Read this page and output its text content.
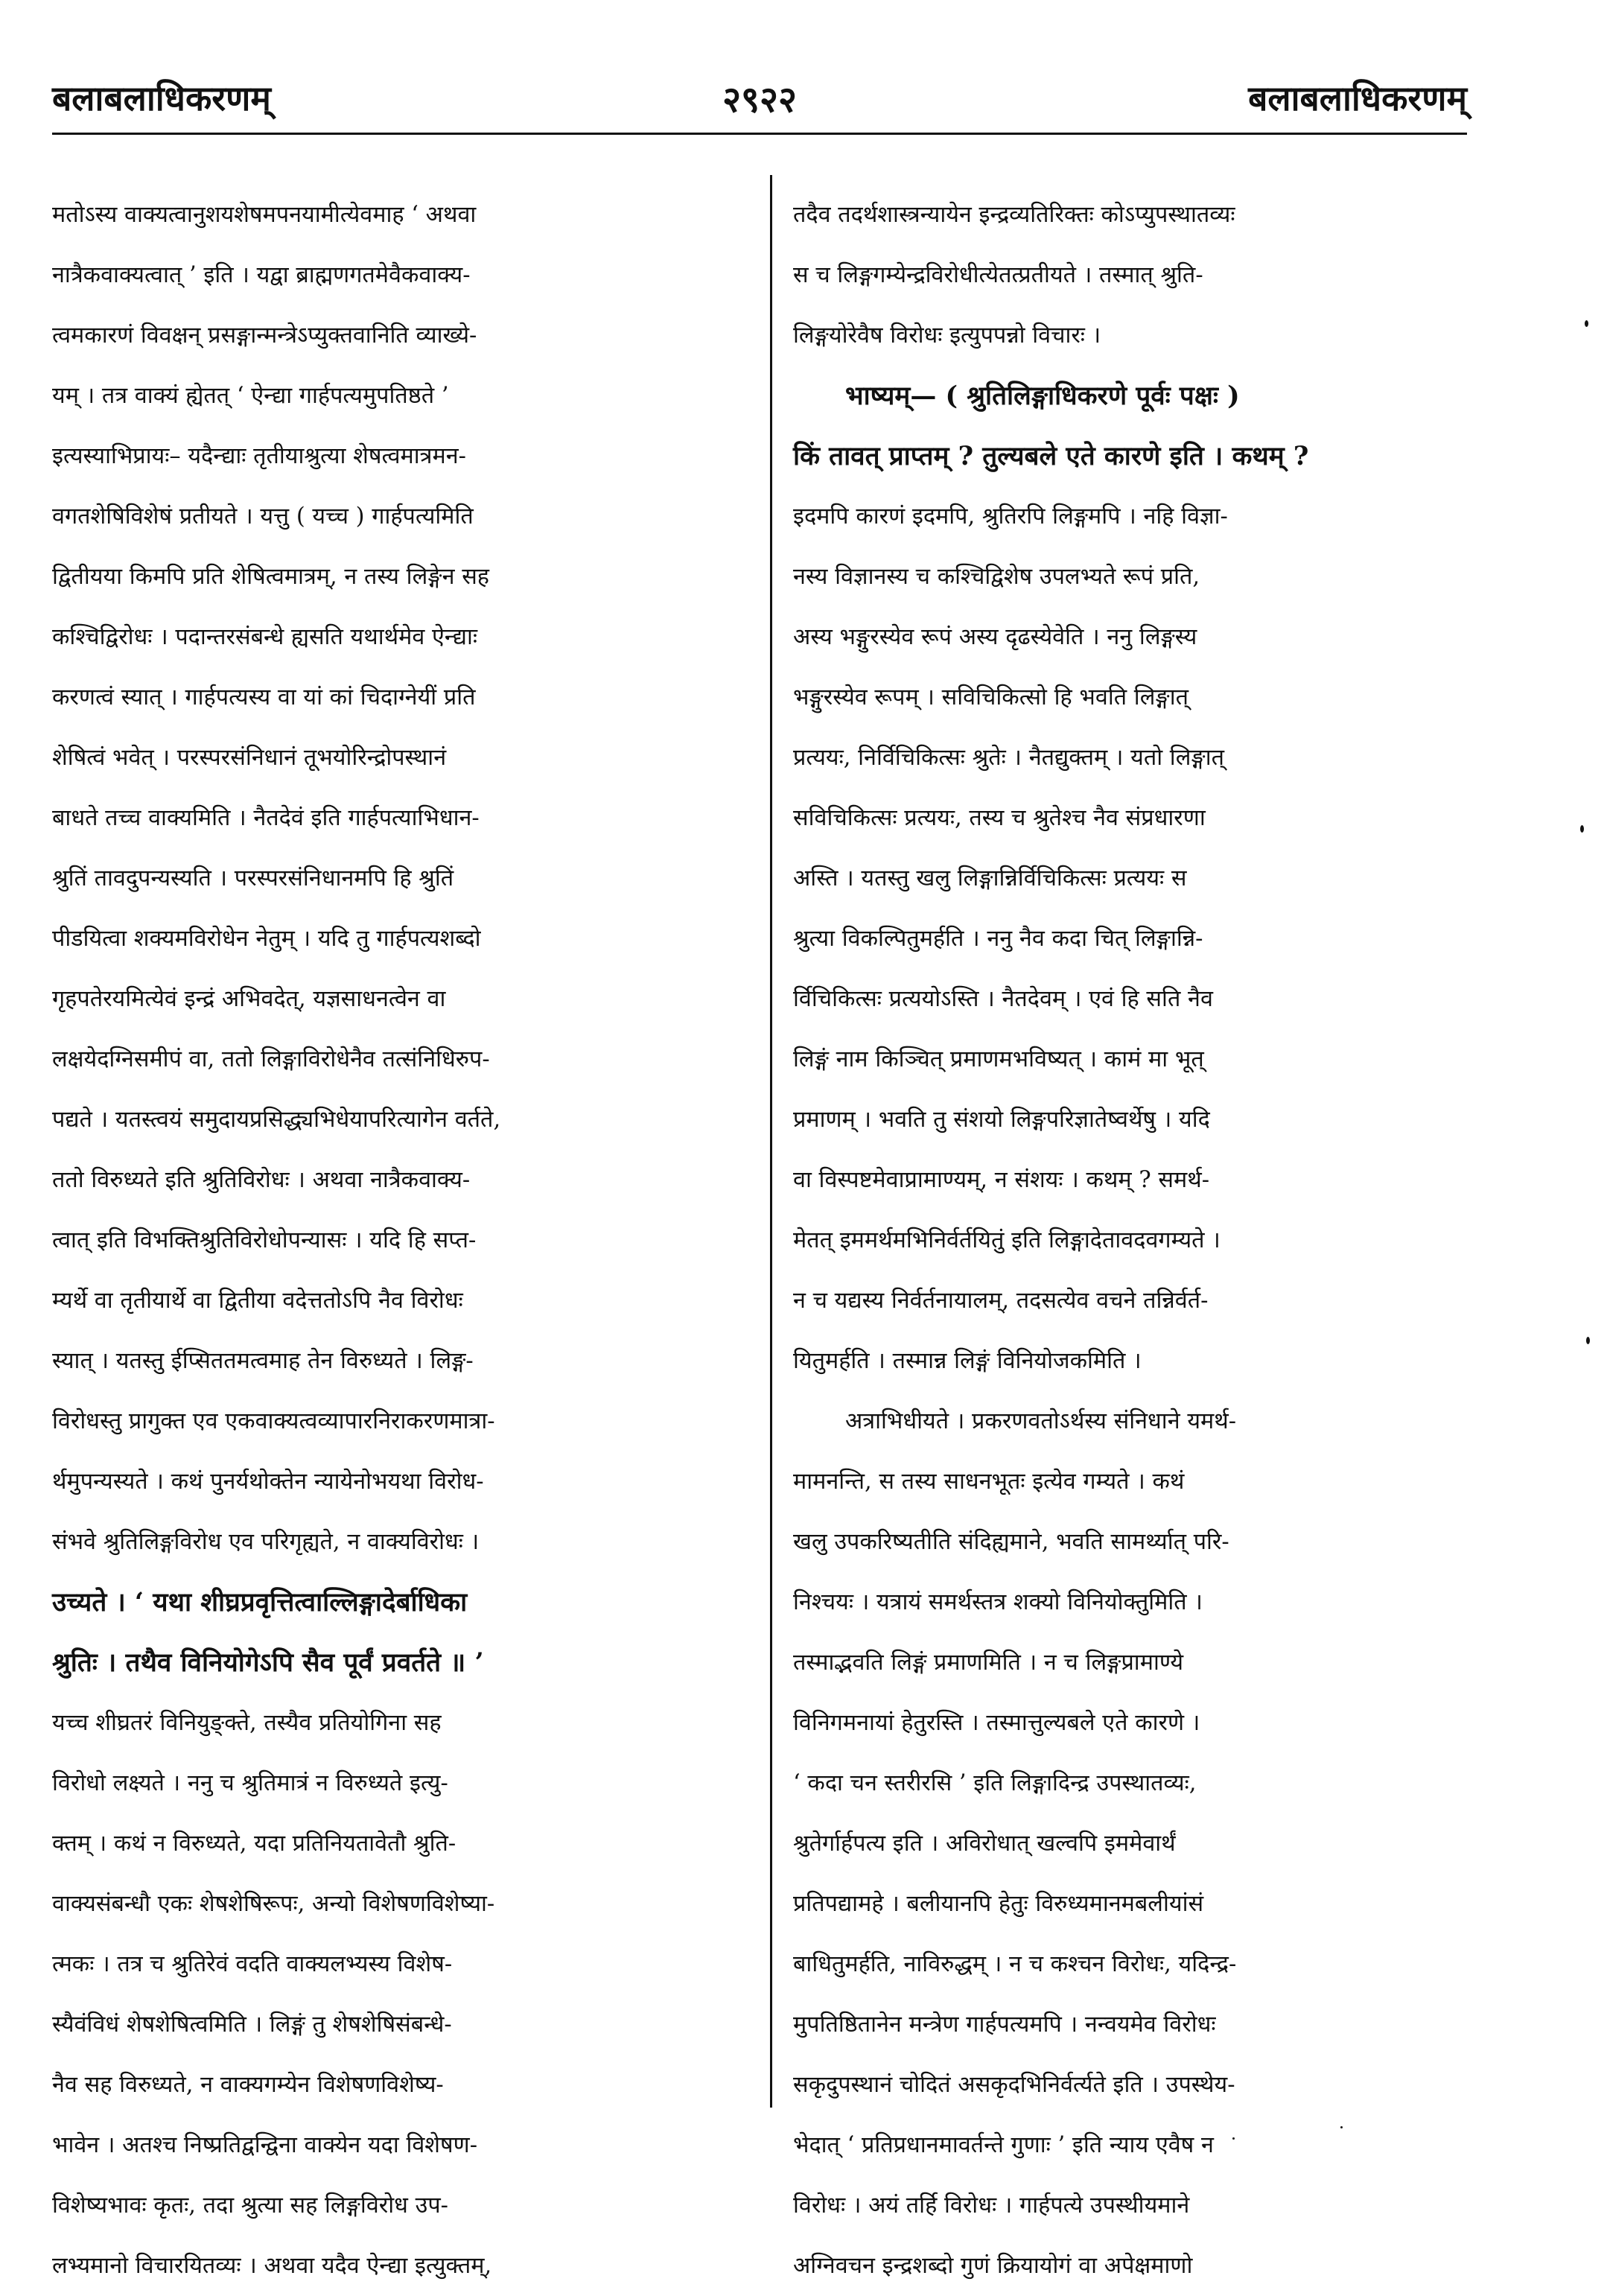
बलाबलाधिकरणम्	२९२२	बलाबलाधिकरणम्
मतोऽस्य वाक्यत्वानुशयशेषमपनयामीत्येवमाह ‘ अथवा
नात्रैकवाक्यत्वात् ’ इति । यद्वा ब्राह्मणगतमेवैकवाक्य-
त्वमकारणं विवक्षन् प्रसङ्गान्मन्त्रेऽप्युक्तवानिति व्याख्ये-
यम् । तत्र वाक्यं ह्येतत् ‘ ऐन्द्या गार्हपत्यमुपतिष्ठते ’
इत्यस्याभिप्रायः– यदैन्द्याः तृतीयाश्रुत्या शेषत्वमात्रमन-
वगतशेषिविशेषं प्रतीयते । यत्तु ( यच्च ) गार्हपत्यमिति
द्वितीयया किमपि प्रति शेषित्वमात्रम्, न तस्य लिङ्गेन सह
कश्चिद्विरोधः । पदान्तरसंबन्धे ह्यसति यथार्थमेव ऐन्द्याः
करणत्वं स्यात् । गार्हपत्यस्य वा यां कां चिदाग्नेयीं प्रति
शेषित्वं भवेत् । परस्परसंनिधानं तूभयोरिन्द्रोपस्थानं
बाधते तच्च वाक्यमिति । नैतदेवं इति गार्हपत्याभिधान-
श्रुतिं तावदुपन्यस्यति । परस्परसंनिधानमपि हि श्रुतिं
पीडयित्वा शक्यमविरोधेन नेतुम् । यदि तु गार्हपत्यशब्दो
गृहपतेरयमित्येवं इन्द्रं अभिवदेत्, यज्ञसाधनत्वेन वा
लक्षयेदग्निसमीपं वा, ततो लिङ्गाविरोधेनैव तत्संनिधिरुप-
पद्यते । यतस्त्वयं समुदायप्रसिद्ध्यभिधेयापरित्यागेन वर्तते,
ततो विरुध्यते इति श्रुतिविरोधः । अथवा नात्रैकवाक्य-
त्वात् इति विभक्तिश्रुतिविरोधोपन्यासः । यदि हि सप्त-
म्यर्थे वा तृतीयार्थे वा द्वितीया वदेत्ततोऽपि नैव विरोधः
स्यात् । यतस्तु ईप्सिततमत्वमाह तेन विरुध्यते । लिङ्ग-
विरोधस्तु प्रागुक्त एव एकवाक्यत्वव्यापारनिराकरणमात्रा-
र्थमुपन्यस्यते । कथं पुनर्यथोक्तेन न्यायेनोभयथा विरोध-
संभवे श्रुतिलिङ्गविरोध एव परिगृह्यते, न वाक्यविरोधः ।
उच्यते । ‘ यथा शीघ्रप्रवृत्तित्वाल्लिङ्गादेर्बाधिका
श्रुतिः । तथैव विनियोगेऽपि सैव पूर्वं प्रवर्तते ॥ ’
यच्च शीघ्रतरं विनियुङ्क्ते, तस्यैव प्रतियोगिना सह
विरोधो लक्ष्यते । ननु च श्रुतिमात्रं न विरुध्यते इत्यु-
क्तम् । कथं न विरुध्यते, यदा प्रतिनियतावेतौ श्रुति-
वाक्यसंबन्धौ एकः शेषशेषिरूपः, अन्यो विशेषणविशेष्या-
त्मकः । तत्र च श्रुतिरेवं वदति वाक्यलभ्यस्य विशेष-
स्यैवंविधं शेषशेषित्वमिति । लिङ्गं तु शेषशेषिसंबन्धे-
नैव सह विरुध्यते, न वाक्यगम्येन विशेषणविशेष्य-
भावेन । अतश्च निष्प्रतिद्वन्द्विना वाक्येन यदा विशेषण-
विशेष्यभावः कृतः, तदा श्रुत्या सह लिङ्गविरोध उप-
लभ्यमानो विचारयितव्यः । अथवा यदैव ऐन्द्या इत्युक्तम्,
तदैव तदर्थशास्त्रन्यायेन इन्द्रव्यतिरिक्तः कोऽप्युपस्थातव्यः
स च लिङ्गगम्येन्द्रविरोधीत्येतत्प्रतीयते । तस्मात् श्रुति-
लिङ्गयोरेवैष विरोधः इत्युपपन्नो विचारः ।
भाष्यम्— ( श्रुतिलिङ्गाधिकरणे पूर्वः पक्षः )
किं तावत् प्राप्तम् ? तुल्यबले एते कारणे इति । कथम् ?
इदमपि कारणं इदमपि, श्रुतिरपि लिङ्गमपि । नहि विज्ञा-
नस्य विज्ञानस्य च कश्चिद्विशेष उपलभ्यते रूपं प्रति,
अस्य भङ्गुरस्येव रूपं अस्य दृढस्येवेति । ननु लिङ्गस्य
भङ्गुरस्येव रूपम् । सविचिकित्सो हि भवति लिङ्गात्
प्रत्ययः, निर्विचिकित्सः श्रुतेः । नैतद्युक्तम् । यतो लिङ्गात्
सविचिकित्सः प्रत्ययः, तस्य च श्रुतेश्च नैव संप्रधारणा
अस्ति । यतस्तु खलु लिङ्गान्निर्विचिकित्सः प्रत्ययः स
श्रुत्या विकल्पितुमर्हति । ननु नैव कदा चित् लिङ्गान्नि-
र्विचिकित्सः प्रत्ययोऽस्ति । नैतदेवम् । एवं हि सति नैव
लिङ्गं नाम किञ्चित् प्रमाणमभविष्यत् । कामं मा भूत्
प्रमाणम् । भवति तु संशयो लिङ्गपरिज्ञातेष्वर्थेषु । यदि
वा विस्पष्टमेवाप्रामाण्यम्, न संशयः । कथम् ? समर्थ-
मेतत् इममर्थमभिनिर्वर्तयितुं इति लिङ्गादेतावदवगम्यते ।
न च यद्यस्य निर्वर्तनायालम्, तदसत्येव वचने तन्निर्वर्त-
यितुमर्हति । तस्मान्न लिङ्गं विनियोजकमिति ।
अत्राभिधीयते । प्रकरणवतोऽर्थस्य संनिधाने यमर्थ-
मामनन्ति, स तस्य साधनभूतः इत्येव गम्यते । कथं
खलु उपकरिष्यतीति संदिह्यमाने, भवति सामर्थ्यात् परि-
निश्चयः । यत्रायं समर्थस्तत्र शक्यो विनियोक्तुमिति ।
तस्माद्भवति लिङ्गं प्रमाणमिति । न च लिङ्गप्रामाण्ये
विनिगमनायां हेतुरस्ति । तस्मात्तुल्यबले एते कारणे ।
‘ कदा चन स्तरीरसि ’ इति लिङ्गादिन्द्र उपस्थातव्यः,
श्रुतेर्गार्हपत्य इति । अविरोधात् खल्वपि इममेवार्थं
प्रतिपद्यामहे । बलीयानपि हेतुः विरुध्यमानमबलीयांसं
बाधितुमर्हति, नाविरुद्धम् । न च कश्चन विरोधः, यदिन्द्र-
मुपतिष्ठितानेन मन्त्रेण गार्हपत्यमपि । नन्वयमेव विरोधः
सकृदुपस्थानं चोदितं असकृदभिनिर्वर्त्यते इति । उपस्थेय-
भेदात् ‘ प्रतिप्रधानमावर्तन्ते गुणाः ’ इति न्याय एवैष न
विरोधः । अयं तर्हि विरोधः । गार्हपत्ये उपस्थीयमाने
अग्निवचन इन्द्रशब्दो गुणं क्रियायोगं वा अपेक्षमाणो
